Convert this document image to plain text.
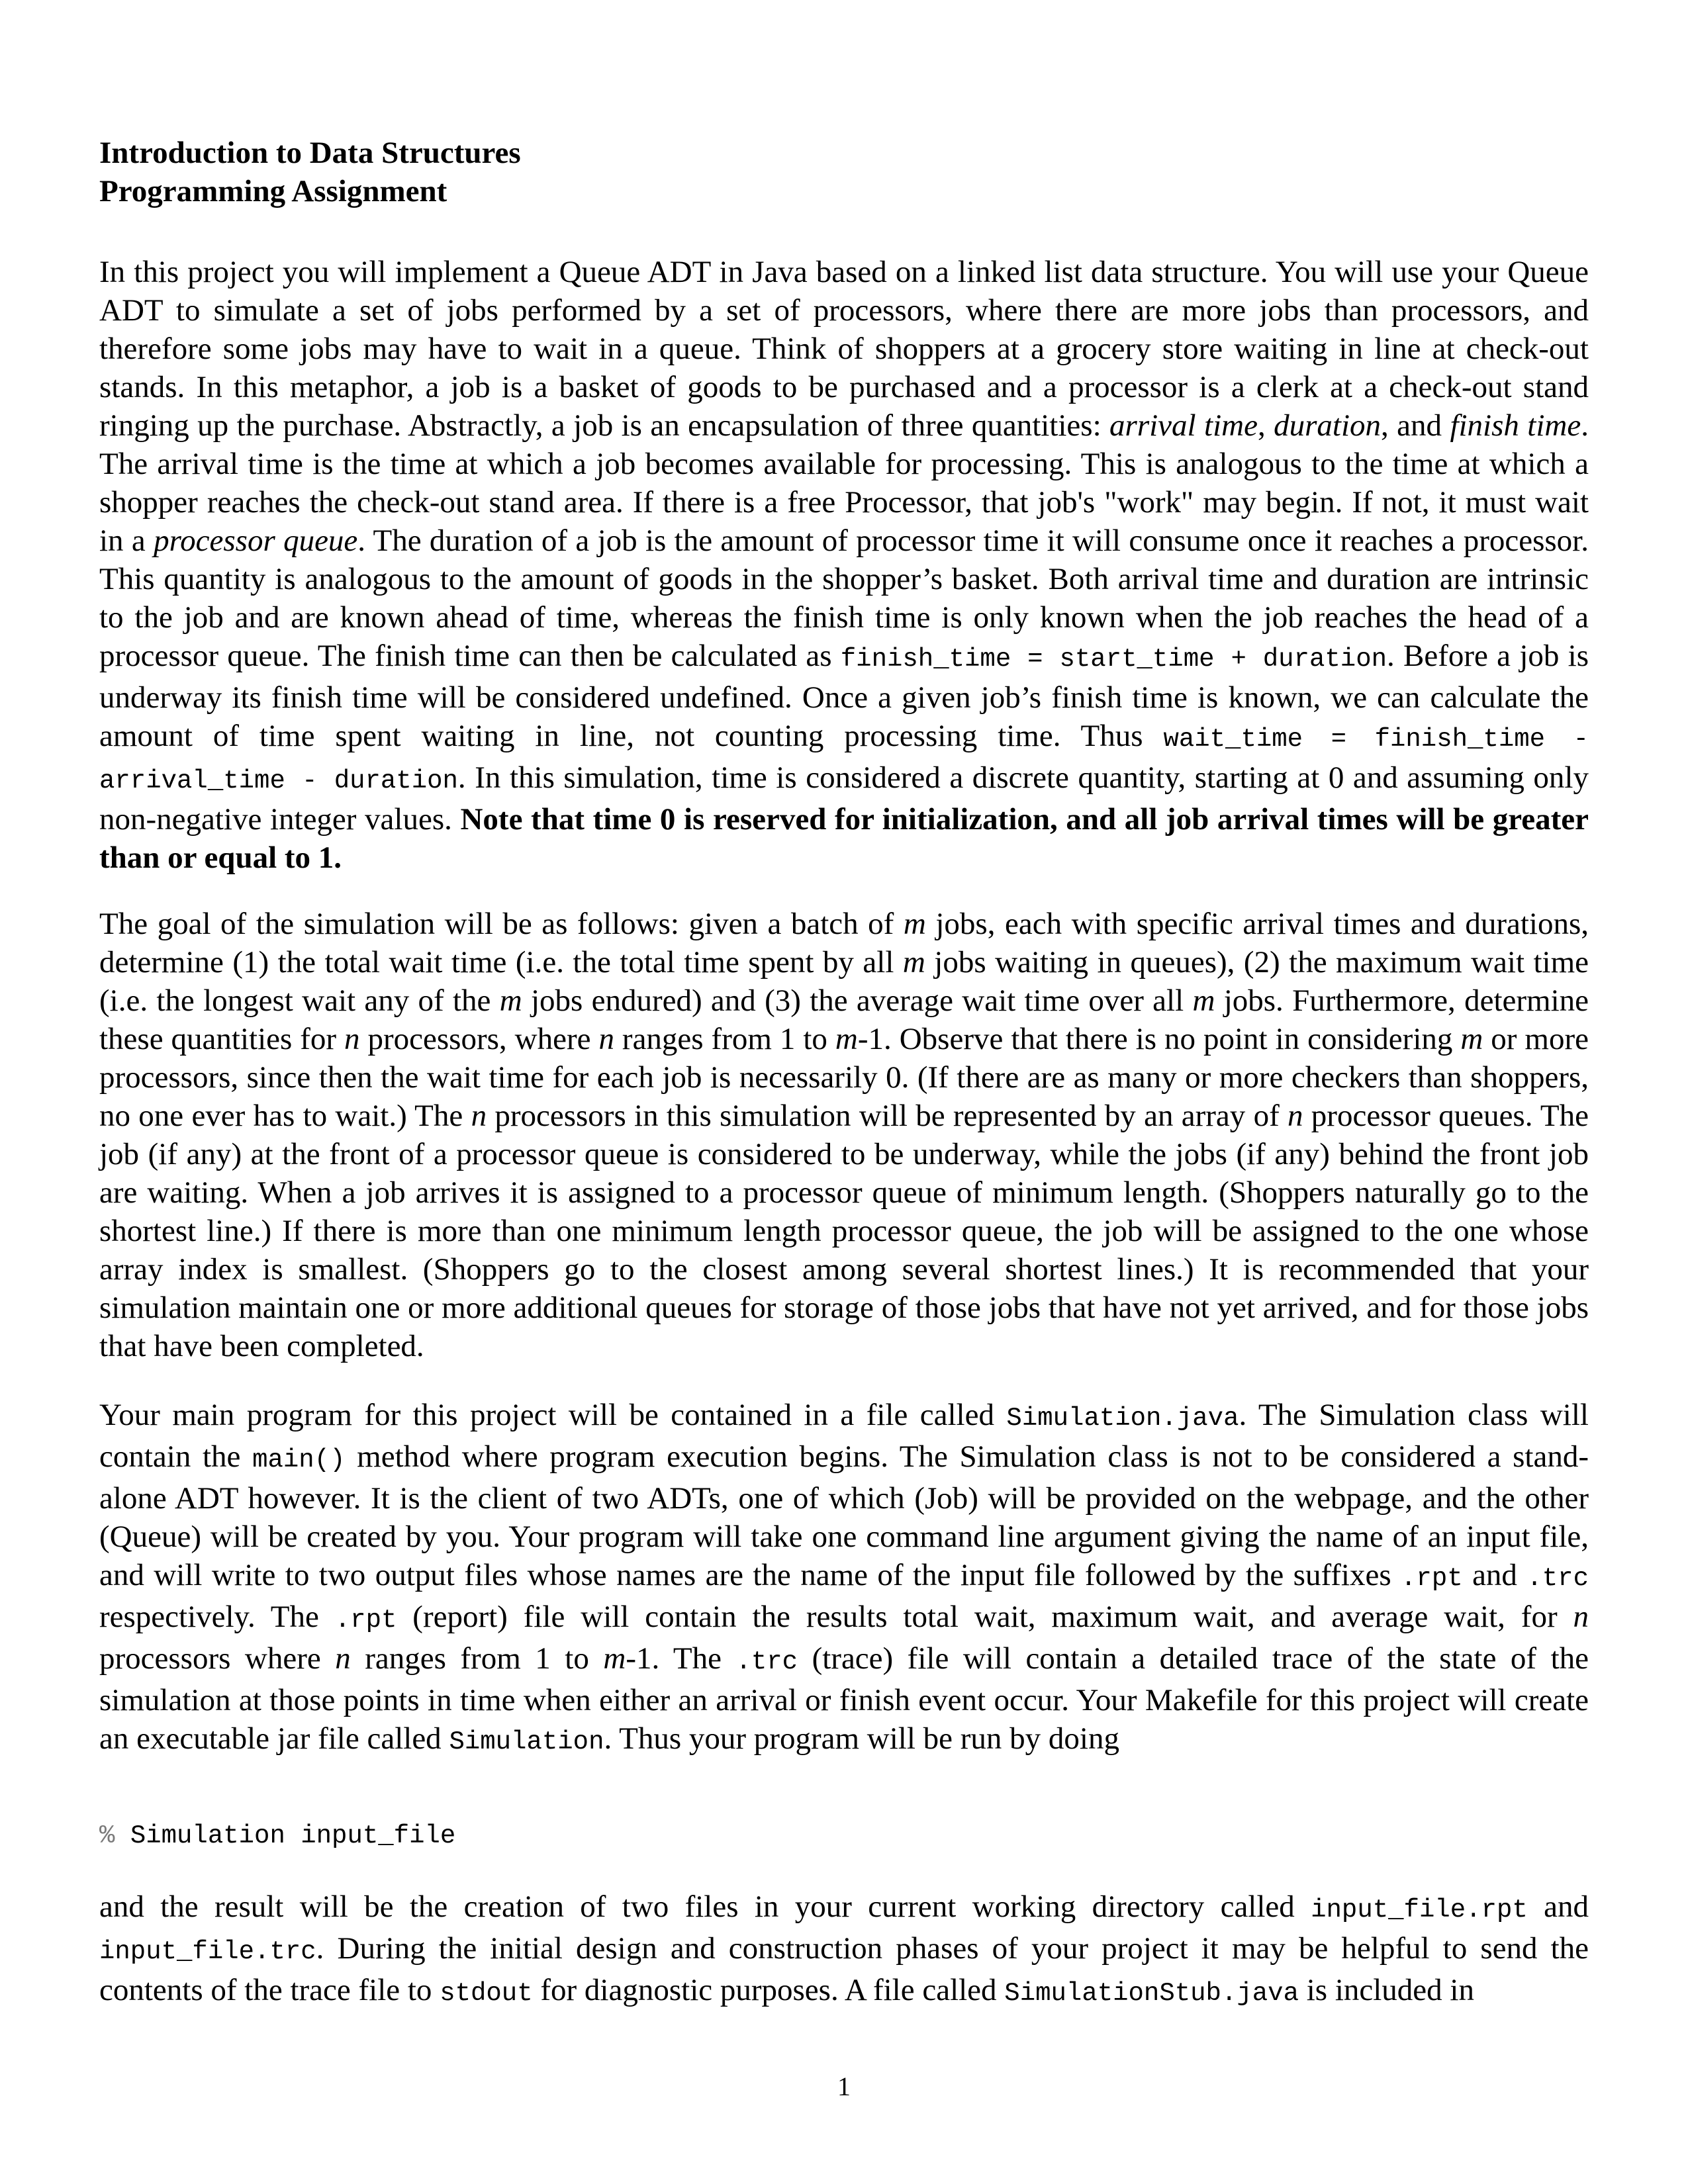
Introduction to Data Structures
Programming Assignment

In this project you will implement a Queue ADT in Java based on a linked list data structure. You will use your Queue ADT to simulate a set of jobs performed by a set of processors, where there are more jobs than processors, and therefore some jobs may have to wait in a queue. Think of shoppers at a grocery store waiting in line at check-out stands. In this metaphor, a job is a basket of goods to be purchased and a processor is a clerk at a check-out stand ringing up the purchase. Abstractly, a job is an encapsulation of three quantities: arrival time, duration, and finish time. The arrival time is the time at which a job becomes available for processing. This is analogous to the time at which a shopper reaches the check-out stand area. If there is a free Processor, that job's "work" may begin. If not, it must wait in a processor queue. The duration of a job is the amount of processor time it will consume once it reaches a processor. This quantity is analogous to the amount of goods in the shopper’s basket. Both arrival time and duration are intrinsic to the job and are known ahead of time, whereas the finish time is only known when the job reaches the head of a processor queue. The finish time can then be calculated as finish_time = start_time + duration. Before a job is underway its finish time will be considered undefined. Once a given job’s finish time is known, we can calculate the amount of time spent waiting in line, not counting processing time. Thus wait_time = finish_time - arrival_time - duration. In this simulation, time is considered a discrete quantity, starting at 0 and assuming only non-negative integer values. Note that time 0 is reserved for initialization, and all job arrival times will be greater than or equal to 1.

The goal of the simulation will be as follows: given a batch of m jobs, each with specific arrival times and durations, determine (1) the total wait time (i.e. the total time spent by all m jobs waiting in queues), (2) the maximum wait time (i.e. the longest wait any of the m jobs endured) and (3) the average wait time over all m jobs. Furthermore, determine these quantities for n processors, where n ranges from 1 to m-1. Observe that there is no point in considering m or more processors, since then the wait time for each job is necessarily 0. (If there are as many or more checkers than shoppers, no one ever has to wait.) The n processors in this simulation will be represented by an array of n processor queues. The job (if any) at the front of a processor queue is considered to be underway, while the jobs (if any) behind the front job are waiting. When a job arrives it is assigned to a processor queue of minimum length. (Shoppers naturally go to the shortest line.) If there is more than one minimum length processor queue, the job will be assigned to the one whose array index is smallest. (Shoppers go to the closest among several shortest lines.) It is recommended that your simulation maintain one or more additional queues for storage of those jobs that have not yet arrived, and for those jobs that have been completed.

Your main program for this project will be contained in a file called Simulation.java. The Simulation class will contain the main() method where program execution begins. The Simulation class is not to be considered a stand-alone ADT however. It is the client of two ADTs, one of which (Job) will be provided on the webpage, and the other (Queue) will be created by you. Your program will take one command line argument giving the name of an input file, and will write to two output files whose names are the name of the input file followed by the suffixes .rpt and .trc respectively. The .rpt (report) file will contain the results total wait, maximum wait, and average wait, for n processors where n ranges from 1 to m-1. The .trc (trace) file will contain a detailed trace of the state of the simulation at those points in time when either an arrival or finish event occur. Your Makefile for this project will create an executable jar file called Simulation. Thus your program will be run by doing

% Simulation input_file

and the result will be the creation of two files in your current working directory called input_file.rpt and input_file.trc. During the initial design and construction phases of your project it may be helpful to send the contents of the trace file to stdout for diagnostic purposes. A file called SimulationStub.java is included in

1
